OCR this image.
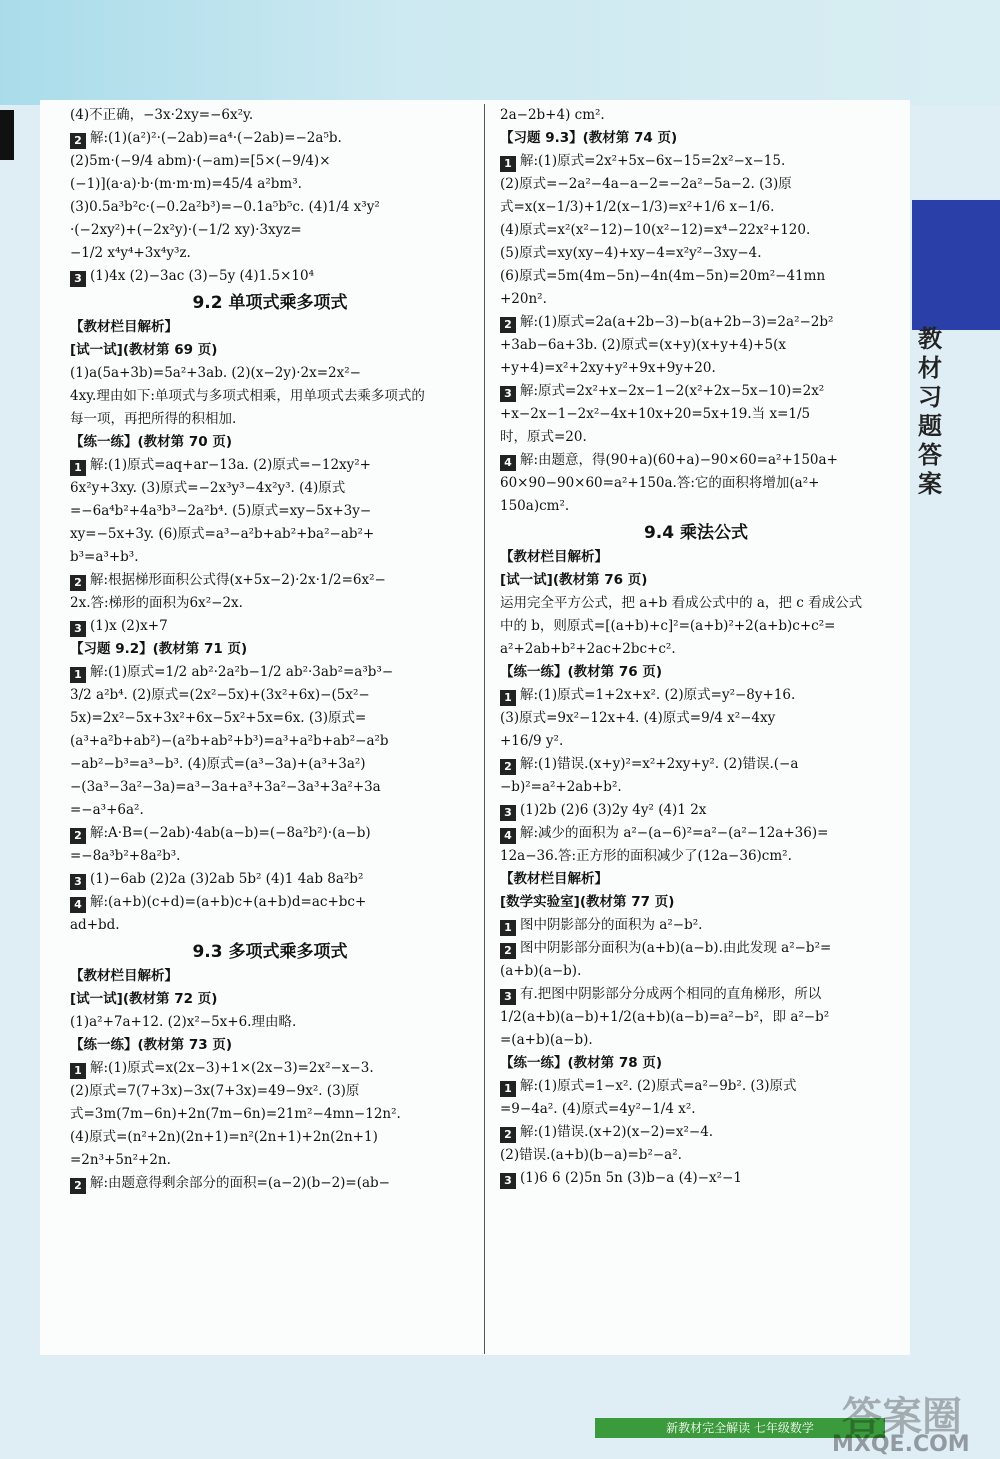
教材习题答案
(4)不正确，−3x·2xy=−6x²y.
2 解:(1)(a²)²·(−2ab)=a⁴·(−2ab)=−2a⁵b.
(2)5m·(−9/4 abm)·(−am)=[5×(−9/4)×
(−1)](a·a)·b·(m·m·m)=45/4 a²bm³.
(3)0.5a³b²c·(−0.2a²b³)=−0.1a⁵b⁵c. (4)1/4 x³y²
·(−2xy²)+(−2x²y)·(−1/2 xy)·3xyz=
−1/2 x⁴y⁴+3x⁴y³z.
3 (1)4x (2)−3ac (3)−5y (4)1.5×10⁴
9.2 单项式乘多项式
【教材栏目解析】
[试一试](教材第 69 页)
(1)a(5a+3b)=5a²+3ab. (2)(x−2y)·2x=2x²−
4xy.理由如下:单项式与多项式相乘，用单项式去乘多项式的
每一项，再把所得的积相加.
【练一练】(教材第 70 页)
1 解:(1)原式=aq+ar−13a. (2)原式=−12xy²+
6x²y+3xy. (3)原式=−2x³y³−4x²y³. (4)原式
=−6a⁴b²+4a³b³−2a²b⁴. (5)原式=xy−5x+3y−
xy=−5x+3y. (6)原式=a³−a²b+ab²+ba²−ab²+
b³=a³+b³.
2 解:根据梯形面积公式得(x+5x−2)·2x·1/2=6x²−
2x.答:梯形的面积为6x²−2x.
3 (1)x (2)x+7
【习题 9.2】(教材第 71 页)
1 解:(1)原式=1/2 ab²·2a²b−1/2 ab²·3ab²=a³b³−
3/2 a²b⁴. (2)原式=(2x²−5x)+(3x²+6x)−(5x²−
5x)=2x²−5x+3x²+6x−5x²+5x=6x. (3)原式=
(a³+a²b+ab²)−(a²b+ab²+b³)=a³+a²b+ab²−a²b
−ab²−b³=a³−b³. (4)原式=(a³−3a)+(a³+3a²)
−(3a³−3a²−3a)=a³−3a+a³+3a²−3a³+3a²+3a
=−a³+6a².
2 解:A·B=(−2ab)·4ab(a−b)=(−8a²b²)·(a−b)
=−8a³b²+8a²b³.
3 (1)−6ab (2)2a (3)2ab 5b² (4)1 4ab 8a²b²
4 解:(a+b)(c+d)=(a+b)c+(a+b)d=ac+bc+
ad+bd.
9.3 多项式乘多项式
【教材栏目解析】
[试一试](教材第 72 页)
(1)a²+7a+12. (2)x²−5x+6.理由略.
【练一练】(教材第 73 页)
1 解:(1)原式=x(2x−3)+1×(2x−3)=2x²−x−3.
(2)原式=7(7+3x)−3x(7+3x)=49−9x². (3)原
式=3m(7m−6n)+2n(7m−6n)=21m²−4mn−12n².
(4)原式=(n²+2n)(2n+1)=n²(2n+1)+2n(2n+1)
=2n³+5n²+2n.
2 解:由题意得剩余部分的面积=(a−2)(b−2)=(ab−
2a−2b+4) cm².
【习题 9.3】(教材第 74 页)
1 解:(1)原式=2x²+5x−6x−15=2x²−x−15.
(2)原式=−2a²−4a−a−2=−2a²−5a−2. (3)原
式=x(x−1/3)+1/2(x−1/3)=x²+1/6 x−1/6.
(4)原式=x²(x²−12)−10(x²−12)=x⁴−22x²+120.
(5)原式=xy(xy−4)+xy−4=x²y²−3xy−4.
(6)原式=5m(4m−5n)−4n(4m−5n)=20m²−41mn
+20n².
2 解:(1)原式=2a(a+2b−3)−b(a+2b−3)=2a²−2b²
+3ab−6a+3b. (2)原式=(x+y)(x+y+4)+5(x
+y+4)=x²+2xy+y²+9x+9y+20.
3 解:原式=2x²+x−2x−1−2(x²+2x−5x−10)=2x²
+x−2x−1−2x²−4x+10x+20=5x+19.当 x=1/5
时，原式=20.
4 解:由题意，得(90+a)(60+a)−90×60=a²+150a+
60×90−90×60=a²+150a.答:它的面积将增加(a²+
150a)cm².
9.4 乘法公式
【教材栏目解析】
[试一试](教材第 76 页)
运用完全平方公式，把 a+b 看成公式中的 a，把 c 看成公式
中的 b，则原式=[(a+b)+c]²=(a+b)²+2(a+b)c+c²=
a²+2ab+b²+2ac+2bc+c².
【练一练】(教材第 76 页)
1 解:(1)原式=1+2x+x². (2)原式=y²−8y+16.
(3)原式=9x²−12x+4. (4)原式=9/4 x²−4xy
+16/9 y².
2 解:(1)错误.(x+y)²=x²+2xy+y². (2)错误.(−a
−b)²=a²+2ab+b².
3 (1)2b (2)6 (3)2y 4y² (4)1 2x
4 解:减少的面积为 a²−(a−6)²=a²−(a²−12a+36)=
12a−36.答:正方形的面积减少了(12a−36)cm².
【教材栏目解析】
[数学实验室](教材第 77 页)
1 图中阴影部分的面积为 a²−b².
2 图中阴影部分面积为(a+b)(a−b).由此发现 a²−b²=
(a+b)(a−b).
3 有.把图中阴影部分分成两个相同的直角梯形，所以
1/2(a+b)(a−b)+1/2(a+b)(a−b)=a²−b²，即 a²−b²
=(a+b)(a−b).
【练一练】(教材第 78 页)
1 解:(1)原式=1−x². (2)原式=a²−9b². (3)原式
=9−4a². (4)原式=4y²−1/4 x².
2 解:(1)错误.(x+2)(x−2)=x²−4.
(2)错误.(a+b)(b−a)=b²−a².
3 (1)6 6 (2)5n 5n (3)b−a (4)−x²−1
新教材完全解读 七年级数学 答案圈
MXQE.COM
